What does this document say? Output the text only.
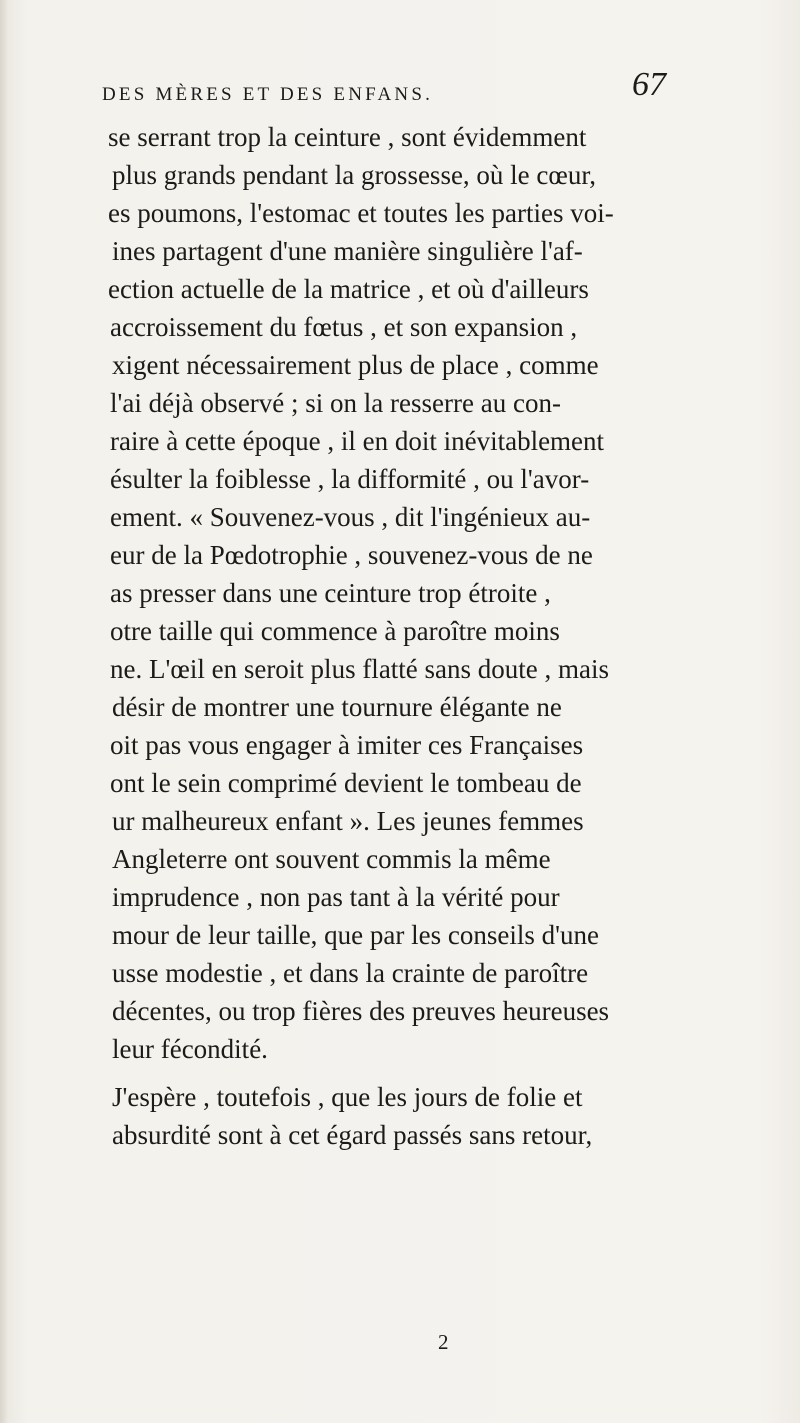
DES MÈRES ET DES ENFANS.	67
se serrant trop la ceinture , sont évidemment
plus grands pendant la grossesse, où le cœur,
es poumons, l'estomac et toutes les parties voi-
ines partagent d'une manière singulière l'af-
ection actuelle de la matrice , et où d'ailleurs
accroissement du fœtus , et son expansion ,
xigent nécessairement plus de place , comme
l'ai déjà observé ; si on la resserre au con-
raire à cette époque , il en doit inévitablement
ésulter la foiblesse , la difformité , ou l'avor-
ement. « Souvenez-vous , dit l'ingénieux au-
eur de la Pœdotrophie , souvenez-vous de ne
as presser dans une ceinture trop étroite ,
otre taille qui commence à paroître moins
ne. L'œil en seroit plus flatté sans doute , mais
désir de montrer une tournure élégante ne
oit pas vous engager à imiter ces Françaises
ont le sein comprimé devient le tombeau de
ur malheureux enfant ». Les jeunes femmes
Angleterre ont souvent commis la même
imprudence , non pas tant à la vérité pour
mour de leur taille, que par les conseils d'une
usse modestie , et dans la crainte de paroître
décentes, ou trop fières des preuves heureuses
leur fécondité.
J'espère , toutefois , que les jours de folie et
absurdité sont à cet égard passés sans retour,
2
